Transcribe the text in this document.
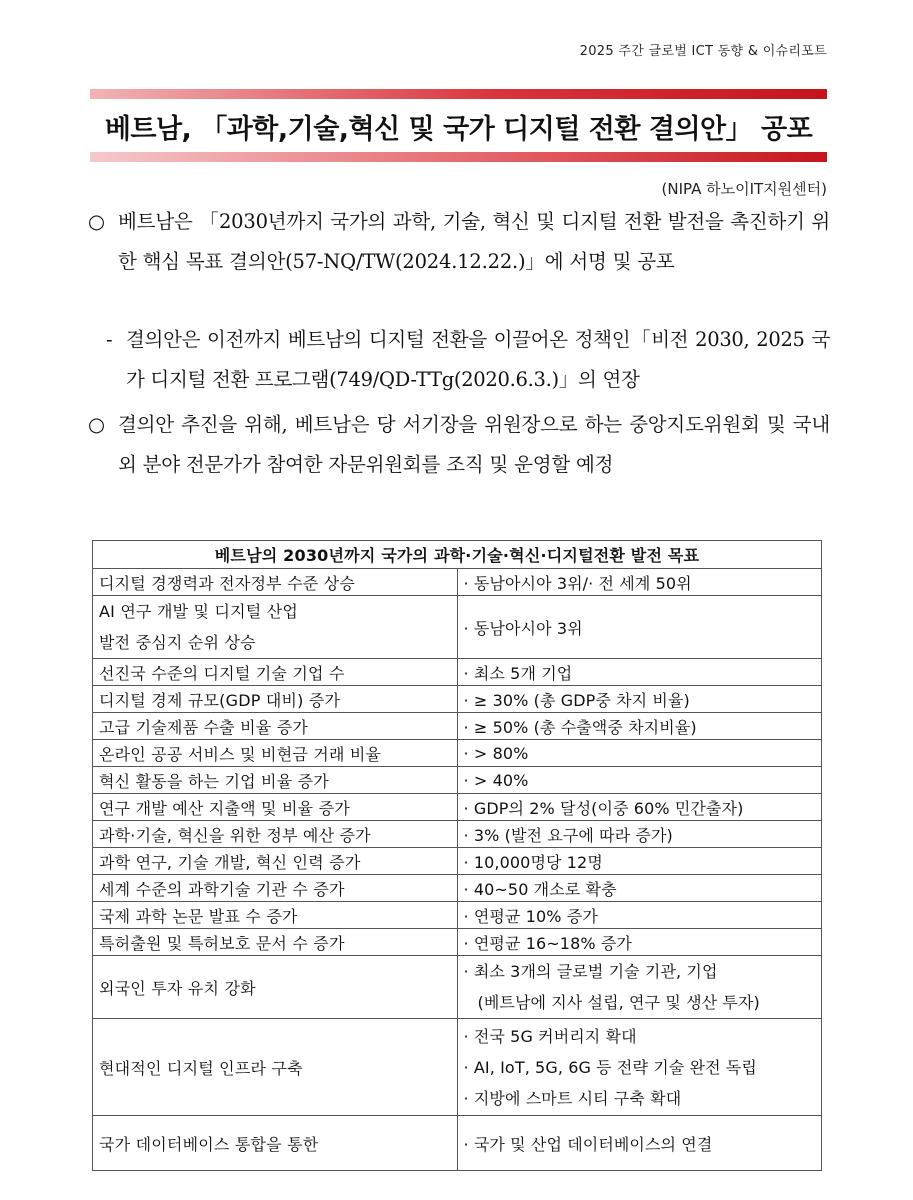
2025 주간 글로벌 ICT 동향 & 이슈리포트
베트남, 「과학,기술,혁신 및 국가 디지털 전환 결의안」 공포
(NIPA 하노이IT지원센터)
○ 베트남은 「2030년까지 국가의 과학, 기술, 혁신 및 디지털 전환 발전을 촉진하기 위한 핵심 목표 결의안(57-NQ/TW(2024.12.22.)」에 서명 및 공포
- 결의안은 이전까지 베트남의 디지털 전환을 이끌어온 정책인「비전 2030, 2025 국가 디지털 전환 프로그램(749/QD-TTg(2020.6.3.)」의 연장
○ 결의안 추진을 위해, 베트남은 당 서기장을 위원장으로 하는 중앙지도위원회 및 국내외 분야 전문가가 참여한 자문위원회를 조직 및 운영할 예정
베트남의 2030년까지 국가의 과학·기술·혁신·디지털전환 발전 목표	
디지털 경쟁력과 전자정부 수준 상승	· 동남아시아 3위/· 전 세계 50위

AI 연구 개발 및 디지털 산업
발전 중심지 순위 상승	· 동남아시아 3위
선진국 수준의 디지털 기술 기업 수	· 최소 5개 기업
디지털 경제 규모(GDP 대비) 증가	· ≥ 30% (총 GDP중 차지 비율)
고급 기술제품 수출 비율 증가	· ≥ 50% (총 수출액중 차지비율)
온라인 공공 서비스 및 비현금 거래 비율	· > 80%
혁신 활동을 하는 기업 비율 증가	· > 40%
연구 개발 예산 지출액 및 비율 증가	· GDP의 2% 달성(이중 60% 민간출자)
과학·기술, 혁신을 위한 정부 예산 증가	· 3% (발전 요구에 따라 증가)
과학 연구, 기술 개발, 혁신 인력 증가	· 10,000명당 12명
세계 수준의 과학기술 기관 수 증가	· 40~50 개소로 확충
국제 과학 논문 발표 수 증가	· 연평균 10% 증가
특허출원 및 특허보호 문서 수 증가	· 연평균 16~18% 증가
외국인 투자 유치 강화	· 최소 3개의 글로벌 기술 기관, 기업
(베트남에 지사 설립, 연구 및 생산 투자)

현대적인 디지털 인프라 구축	· 전국 5G 커버리지 확대
· AI, IoT, 5G, 6G 등 전략 기술 완전 독립
· 지방에 스마트 시티 구축 확대

국가 데이터베이스 통합을 통한	· 국가 및 산업 데이터베이스의 연결
